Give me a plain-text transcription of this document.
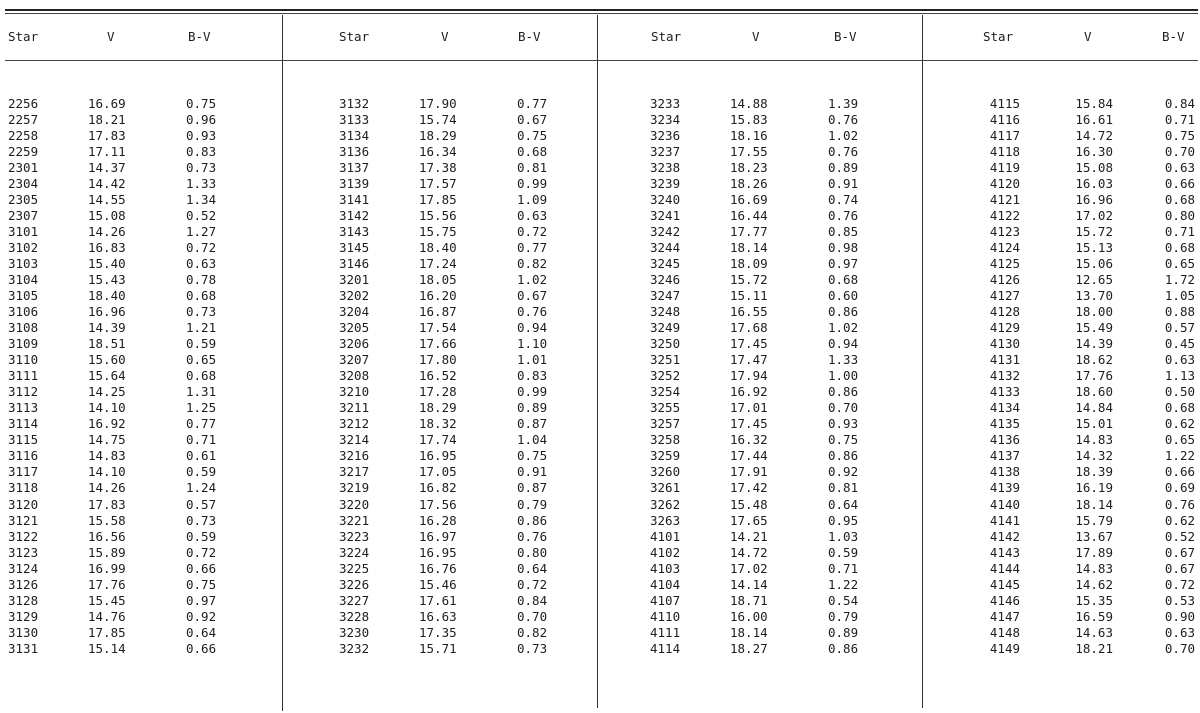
Star	V	B-V	Star	V	B-V	Star	V	B-V	Star	V	B-V
2256	16.69	0.75
2257	18.21	0.96
2258	17.83	0.93
2259	17.11	0.83
2301	14.37	0.73
2304	14.42	1.33
2305	14.55	1.34
2307	15.08	0.52
3101	14.26	1.27
3102	16.83	0.72
3103	15.40	0.63
3104	15.43	0.78
3105	18.40	0.68
3106	16.96	0.73
3108	14.39	1.21
3109	18.51	0.59
3110	15.60	0.65
3111	15.64	0.68
3112	14.25	1.31
3113	14.10	1.25
3114	16.92	0.77
3115	14.75	0.71
3116	14.83	0.61
3117	14.10	0.59
3118	14.26	1.24
3120	17.83	0.57
3121	15.58	0.73
3122	16.56	0.59
3123	15.89	0.72
3124	16.99	0.66
3126	17.76	0.75
3128	15.45	0.97
3129	14.76	0.92
3130	17.85	0.64
3131	15.14	0.66
3132	17.90	0.77
3133	15.74	0.67
3134	18.29	0.75
3136	16.34	0.68
3137	17.38	0.81
3139	17.57	0.99
3141	17.85	1.09
3142	15.56	0.63
3143	15.75	0.72
3145	18.40	0.77
3146	17.24	0.82
3201	18.05	1.02
3202	16.20	0.67
3204	16.87	0.76
3205	17.54	0.94
3206	17.66	1.10
3207	17.80	1.01
3208	16.52	0.83
3210	17.28	0.99
3211	18.29	0.89
3212	18.32	0.87
3214	17.74	1.04
3216	16.95	0.75
3217	17.05	0.91
3219	16.82	0.87
3220	17.56	0.79
3221	16.28	0.86
3223	16.97	0.76
3224	16.95	0.80
3225	16.76	0.64
3226	15.46	0.72
3227	17.61	0.84
3228	16.63	0.70
3230	17.35	0.82
3232	15.71	0.73
3233	14.88	1.39
3234	15.83	0.76
3236	18.16	1.02
3237	17.55	0.76
3238	18.23	0.89
3239	18.26	0.91
3240	16.69	0.74
3241	16.44	0.76
3242	17.77	0.85
3244	18.14	0.98
3245	18.09	0.97
3246	15.72	0.68
3247	15.11	0.60
3248	16.55	0.86
3249	17.68	1.02
3250	17.45	0.94
3251	17.47	1.33
3252	17.94	1.00
3254	16.92	0.86
3255	17.01	0.70
3257	17.45	0.93
3258	16.32	0.75
3259	17.44	0.86
3260	17.91	0.92
3261	17.42	0.81
3262	15.48	0.64
3263	17.65	0.95
4101	14.21	1.03
4102	14.72	0.59
4103	17.02	0.71
4104	14.14	1.22
4107	18.71	0.54
4110	16.00	0.79
4111	18.14	0.89
4114	18.27	0.86
4115	15.84	0.84
4116	16.61	0.71
4117	14.72	0.75
4118	16.30	0.70
4119	15.08	0.63
4120	16.03	0.66
4121	16.96	0.68
4122	17.02	0.80
4123	15.72	0.71
4124	15.13	0.68
4125	15.06	0.65
4126	12.65	1.72
4127	13.70	1.05
4128	18.00	0.88
4129	15.49	0.57
4130	14.39	0.45
4131	18.62	0.63
4132	17.76	1.13
4133	18.60	0.50
4134	14.84	0.68
4135	15.01	0.62
4136	14.83	0.65
4137	14.32	1.22
4138	18.39	0.66
4139	16.19	0.69
4140	18.14	0.76
4141	15.79	0.62
4142	13.67	0.52
4143	17.89	0.67
4144	14.83	0.67
4145	14.62	0.72
4146	15.35	0.53
4147	16.59	0.90
4148	14.63	0.63
4149	18.21	0.70
